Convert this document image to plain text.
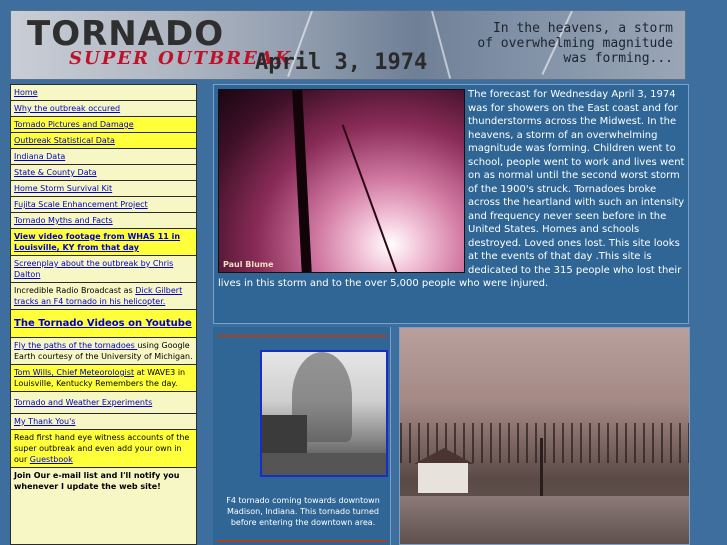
TORNADO
SUPER OUTBREAK
April 3, 1974
In the heavens, a storm
of overwhelming magnitude
was forming...
Home
Why the outbreak occured
Tornado Pictures and Damage
Outbreak Statistical Data
Indiana Data
State & County Data
Home Storm Survival Kit
Fujita Scale Enhancement Project
Tornado Myths and Facts
View video footage from WHAS 11 in Louisville, KY from that day
Screenplay about the outbreak by Chris Dalton
Incredible Radio Broadcast as Dick Gilbert tracks an F4 tornado in his helicopter.
The Tornado Videos on Youtube
Fly the paths of the tornadoes using Google Earth courtesy of the University of Michigan.
Tom Wills, Chief Meteorologist at WAVE3 in Louisville, Kentucky Remembers the day.
Tornado and Weather Experiments
My Thank You's
Read first hand eye witness accounts of the super outbreak and even add your own in our Guestbook
Join Our e-mail list and I'll notify you whenever I update the web site!
Paul Blume
The forecast for Wednesday April 3, 1974 was for showers on the East coast and for thunderstorms across the Midwest. In the heavens, a storm of an overwhelming magnitude was forming. Children went to school, people went to work and lives went on as normal until the second worst storm of the 1900's struck. Tornadoes broke across the heartland with such an intensity and frequency never seen before in the United States. Homes and schools destroyed. Loved ones lost. This site looks at the events of that day .This site is dedicated to the 315 people who lost their lives in this storm and to the over 5,000 people who were injured.
F4 tornado coming towards downtown Madison, Indiana. This tornado turned before entering the downtown area.
